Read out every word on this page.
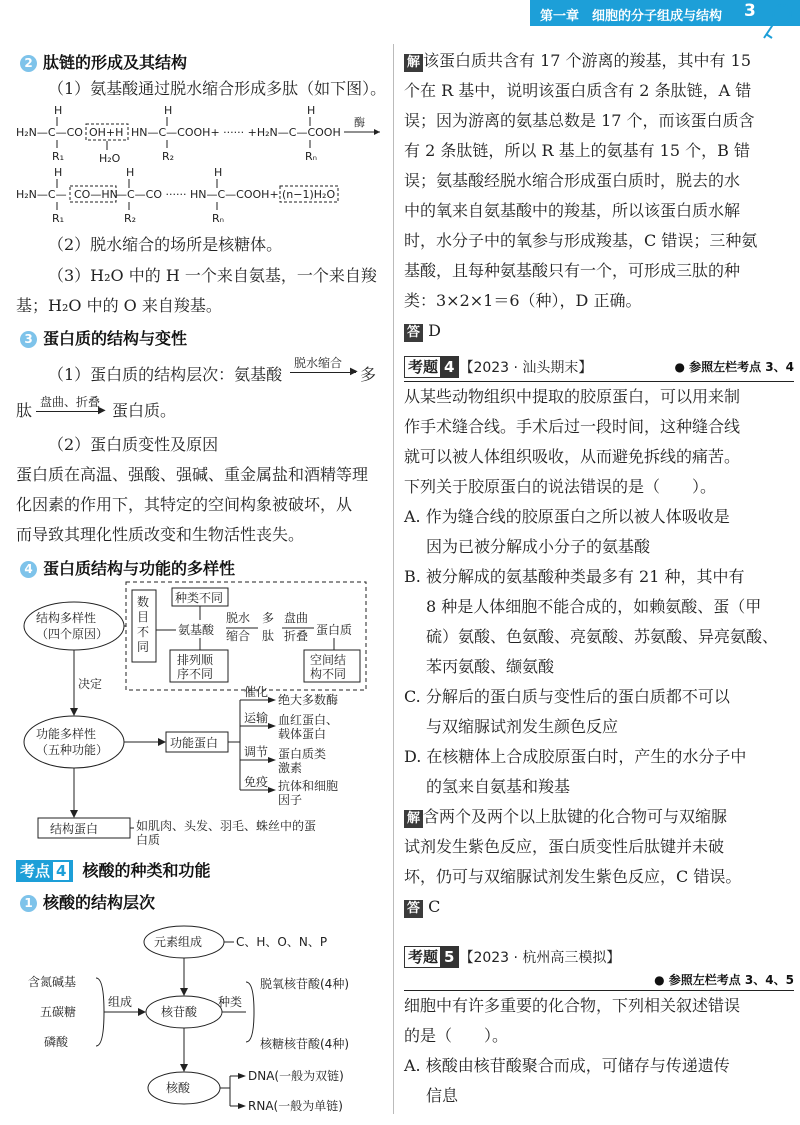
第一章　细胞的分子组成与结构 3
2 肽链的形成及其结构
（1）氨基酸通过脱水缩合形成多肽（如下图）。
H	H	H
H₂N—C—CO OH+H HN—C—COOH+ ······ +H₂N—C—COOH
酶
R₁	H₂O	R₂	Rₙ
H	H	H
H₂N—C— CO—HN
—C—CO ······ HN—C—COOH+ (n−1)H₂O
R₁	R₂	Rₙ
（2）脱水缩合的场所是核糖体。
（3）H₂O 中的 H 一个来自氨基，一个来自羧
基；H₂O 中的 O 来自羧基。
3 蛋白质的结构与变性
（1）蛋白质的结构层次：氨基酸
脱水缩合
▶ 多
肽 盘曲、折叠
▶ 蛋白质。
（2）蛋白质变性及原因
蛋白质在高温、强酸、强碱、重金属盐和酒精等理
化因素的作用下，其特定的空间构象被破坏，从
而导致其理化性质改变和生物活性丧失。
4 蛋白质结构与功能的多样性
结构多样性
（四个原因）
数
目
不
同
种类不同
氨基酸
排列顺
序不同
脱水
缩合
多
肽
盘曲
折叠 蛋白质
空间结
构不同
决定
功能多样性
（五种功能）	功能蛋白
催化
运输
调节
免疫
绝大多数酶
血红蛋白、
载体蛋白
蛋白质类
激素
抗体和细胞
因子
结构蛋白	如肌肉、头发、羽毛、蛛丝中的蛋
白质
考点 4 核酸的种类和功能
1 核酸的结构层次
元素组成	C、H、O、N、P
含氮碱基
五碳糖
磷酸
组成
核苷酸
种类
脱氧核苷酸(4种)
核糖核苷酸(4种)
核酸
DNA(一般为双链)
RNA(一般为单链)
解 该蛋白质共含有 17 个游离的羧基，其中有 15
个在 R 基中，说明该蛋白质含有 2 条肽链，A 错
误；因为游离的氨基总数是 17 个，而该蛋白质含
有 2 条肽链，所以 R 基上的氨基有 15 个，B 错
误；氨基酸经脱水缩合形成蛋白质时，脱去的水
中的氧来自氨基酸中的羧基，所以该蛋白质水解
时，水分子中的氧参与形成羧基，C 错误；三种氨
基酸，且每种氨基酸只有一个，可形成三肽的种
类：3×2×1＝6（种），D 正确。
答 D
考题 4 【2023 · 汕头期末】	● 参照左栏考点 3、4
从某些动物组织中提取的胶原蛋白，可以用来制
作手术缝合线。手术后过一段时间，这种缝合线
就可以被人体组织吸收，从而避免拆线的痛苦。
下列关于胶原蛋白的说法错误的是（　　）。
A. 作为缝合线的胶原蛋白之所以被人体吸收是
因为已被分解成小分子的氨基酸
B. 被分解成的氨基酸种类最多有 21 种，其中有
8 种是人体细胞不能合成的，如赖氨酸、蛋（甲
硫）氨酸、色氨酸、亮氨酸、苏氨酸、异亮氨酸、
苯丙氨酸、缬氨酸
C. 分解后的蛋白质与变性后的蛋白质都不可以
与双缩脲试剂发生颜色反应
D. 在核糖体上合成胶原蛋白时，产生的水分子中
的氢来自氨基和羧基
解 含两个及两个以上肽键的化合物可与双缩脲
试剂发生紫色反应，蛋白质变性后肽键并未破
坏，仍可与双缩脲试剂发生紫色反应，C 错误。
答 C
考题 5 【2023 · 杭州高三模拟】
● 参照左栏考点 3、4、5
细胞中有许多重要的化合物，下列相关叙述错误
的是（　　）。
A. 核酸由核苷酸聚合而成，可储存与传递遗传
信息
